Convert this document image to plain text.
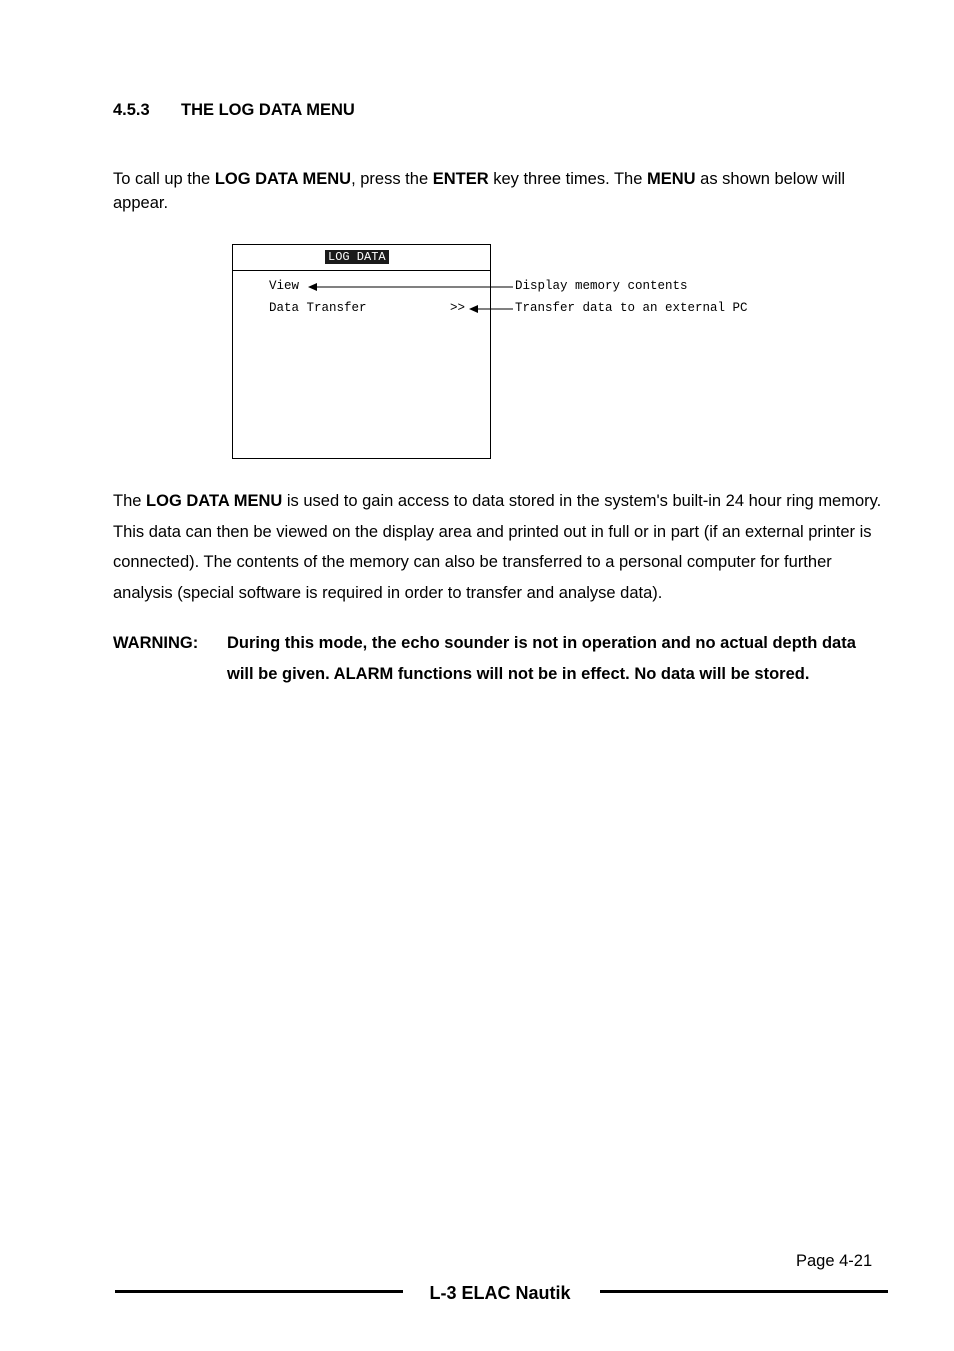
4.5.3 THE LOG DATA MENU
To call up the LOG DATA MENU, press the ENTER key three times. The MENU as shown below will appear.
LOG DATA
View
Data Transfer	>>
Display memory contents
Transfer data to an external PC
The LOG DATA MENU is used to gain access to data stored in the system's built-in 24 hour ring memory. This data can then be viewed on the display area and printed out in full or in part (if an external printer is connected). The contents of the memory can also be transferred to a personal computer for further analysis (special software is required in order to transfer and analyse data).
WARNING: During this mode, the echo sounder is not in operation and no actual depth data will be given. ALARM functions will not be in effect. No data will be stored.
Page 4-21
L-3 ELAC Nautik
